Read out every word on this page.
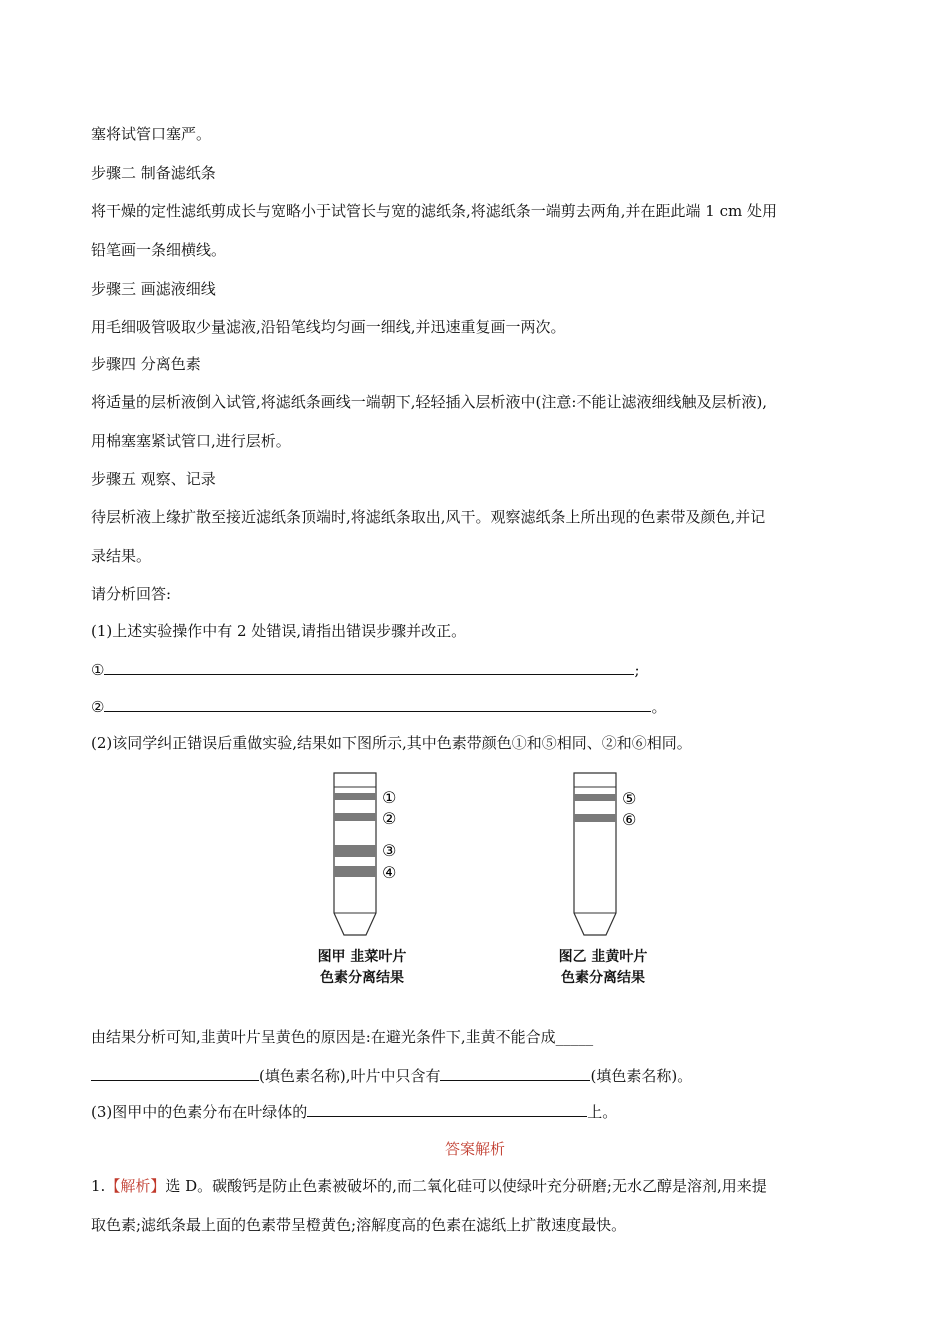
塞将试管口塞严。
步骤二 制备滤纸条
将干燥的定性滤纸剪成长与宽略小于试管长与宽的滤纸条,将滤纸条一端剪去两角,并在距此端 1 cm 处用
铅笔画一条细横线。
步骤三 画滤液细线
用毛细吸管吸取少量滤液,沿铅笔线均匀画一细线,并迅速重复画一两次。
步骤四 分离色素
将适量的层析液倒入试管,将滤纸条画线一端朝下,轻轻插入层析液中(注意:不能让滤液细线触及层析液),
用棉塞塞紧试管口,进行层析。
步骤五 观察、记录
待层析液上缘扩散至接近滤纸条顶端时,将滤纸条取出,风干。观察滤纸条上所出现的色素带及颜色,并记
录结果。
请分析回答:
(1)上述实验操作中有 2 处错误,请指出错误步骤并改正。
①	;
②	。
(2)该同学纠正错误后重做实验,结果如下图所示,其中色素带颜色①和⑤相同、②和⑥相同。
①
②
③
④
⑤
⑥
图甲 韭菜叶片
色素分离结果
图乙 韭黄叶片
色素分离结果
由结果分析可知,韭黄叶片呈黄色的原因是:在避光条件下,韭黄不能合成_____
(填色素名称),叶片中只含有	(填色素名称)。
(3)图甲中的色素分布在叶绿体的	上。
答案解析
1.【解析】选 D。碳酸钙是防止色素被破坏的,而二氧化硅可以使绿叶充分研磨;无水乙醇是溶剂,用来提
取色素;滤纸条最上面的色素带呈橙黄色;溶解度高的色素在滤纸上扩散速度最快。
